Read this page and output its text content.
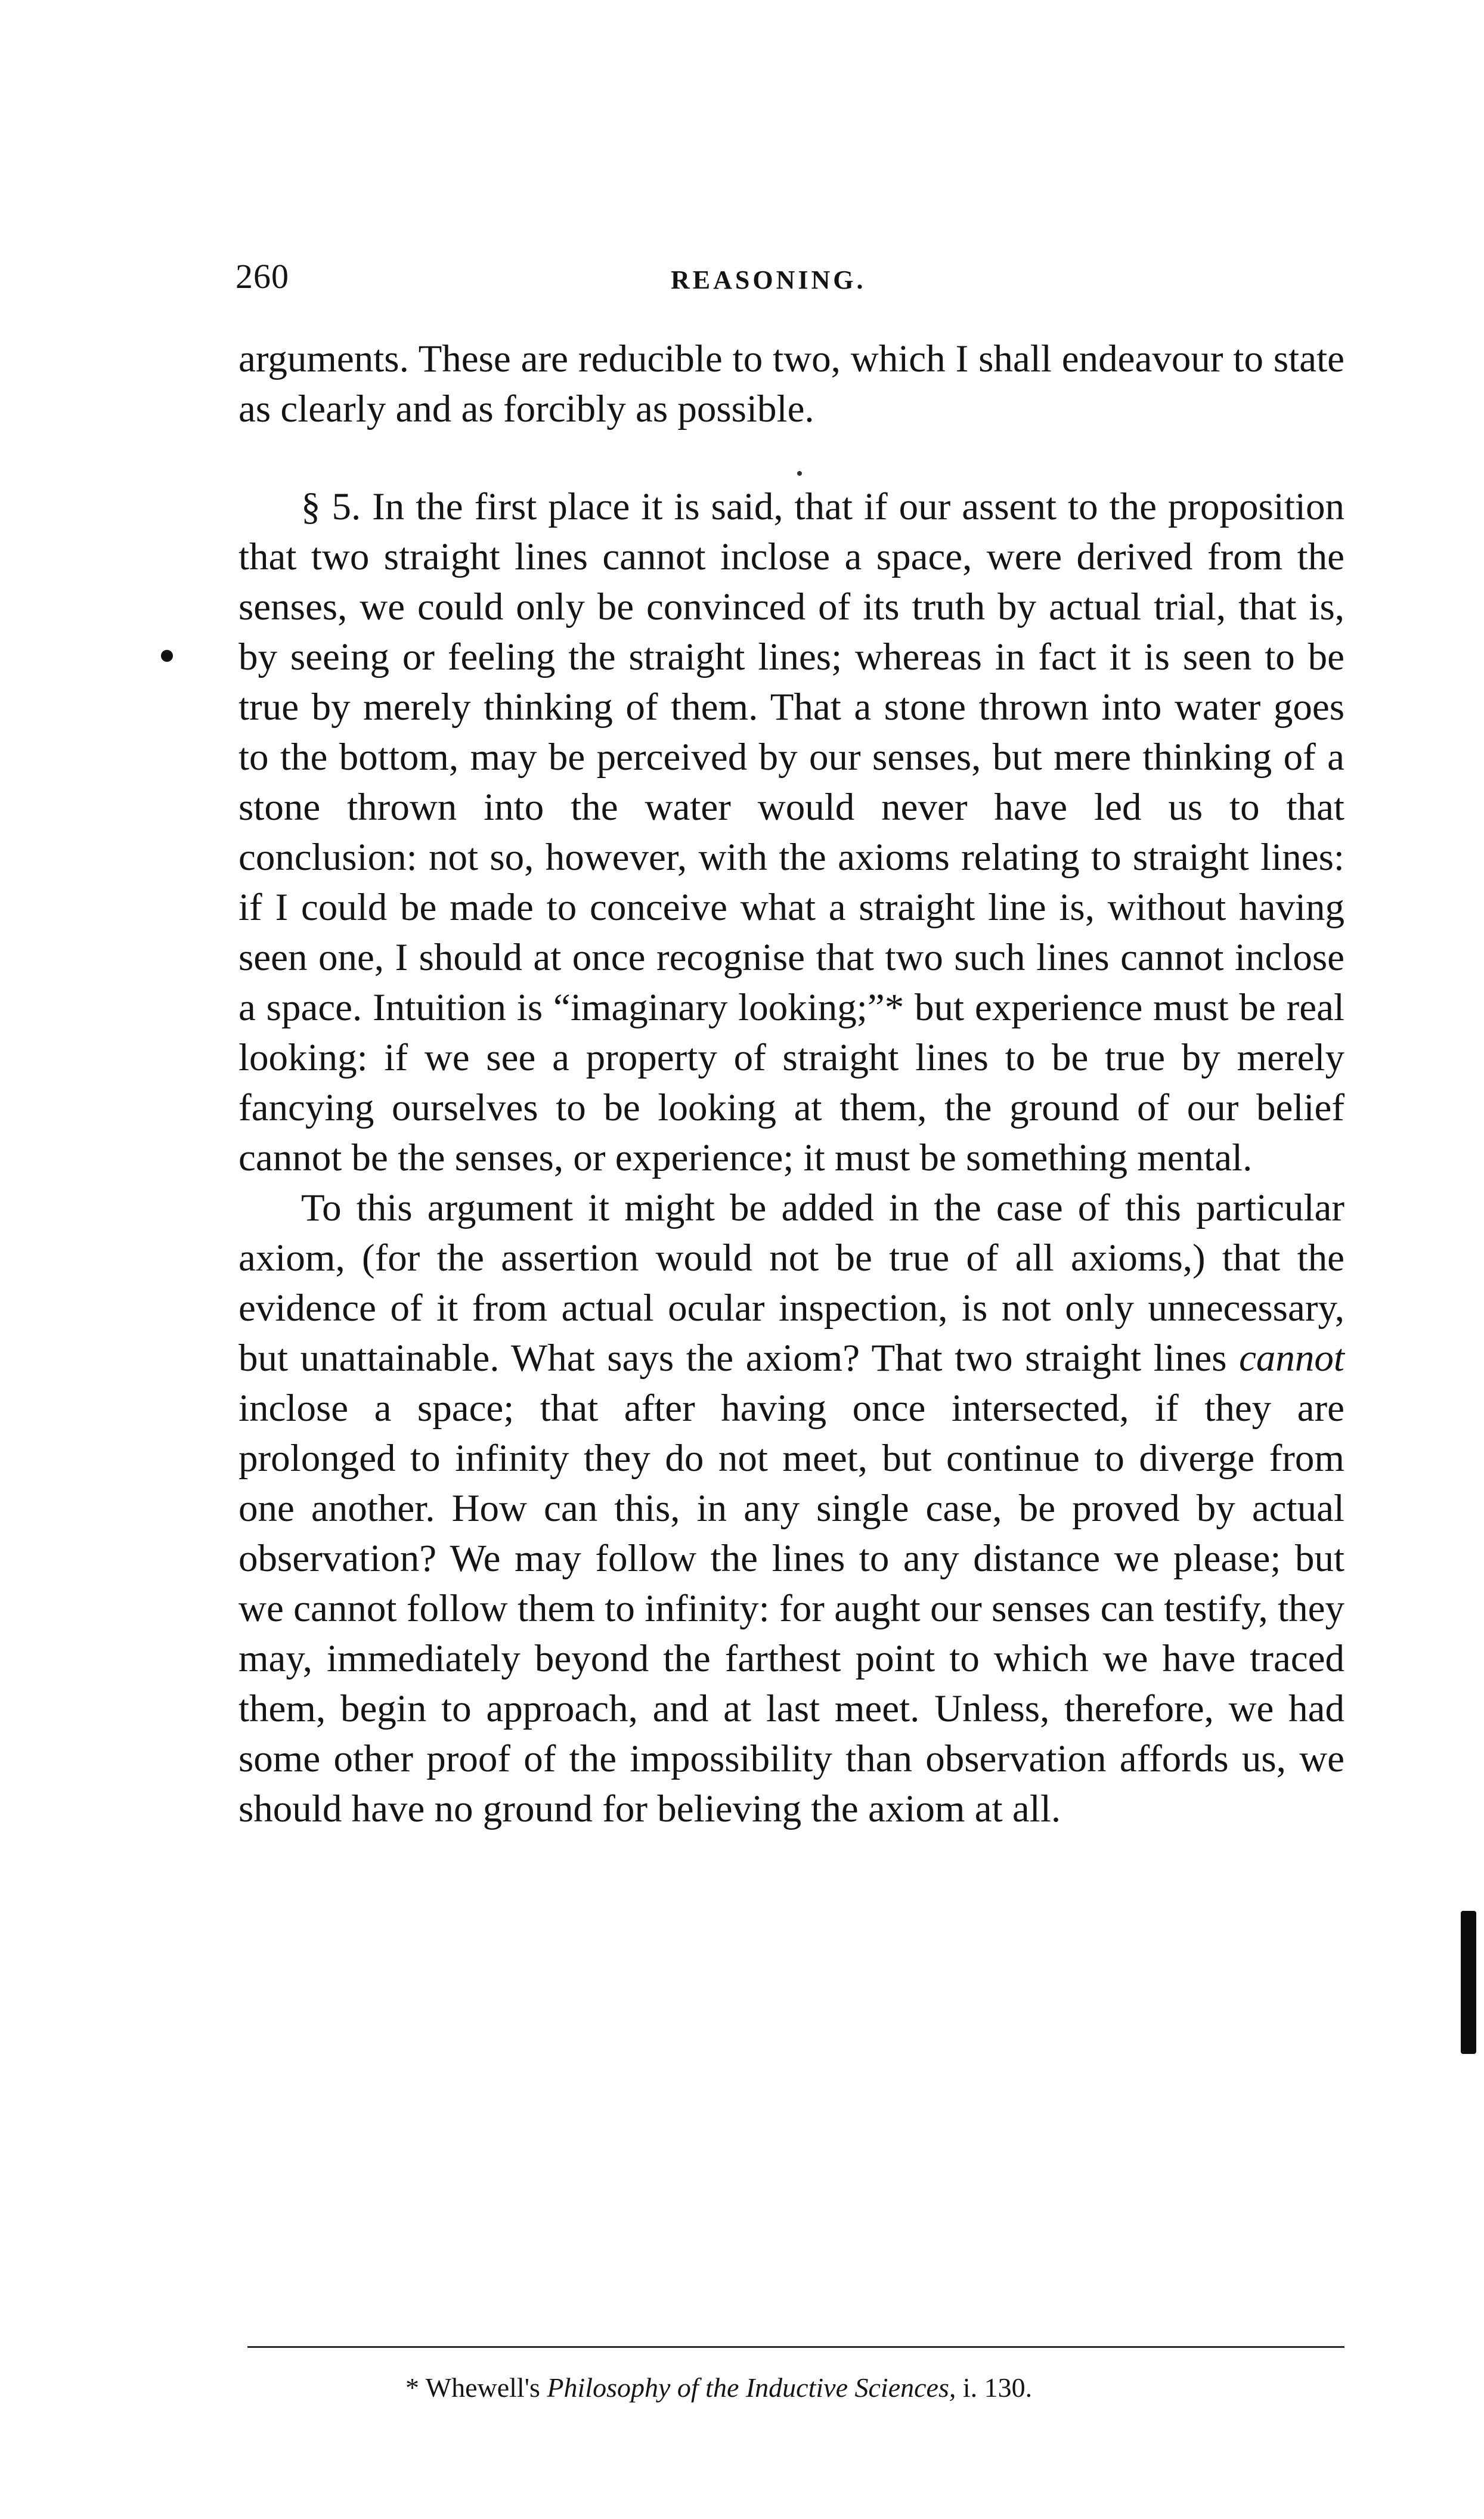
260	REASONING.

arguments. These are reducible to two, which I shall endeavour to state as clearly and as forcibly as possible.

§ 5. In the first place it is said, that if our assent to the proposition that two straight lines cannot inclose a space, were derived from the senses, we could only be convinced of its truth by actual trial, that is, by seeing or feeling the straight lines; whereas in fact it is seen to be true by merely thinking of them. That a stone thrown into water goes to the bottom, may be perceived by our senses, but mere thinking of a stone thrown into the water would never have led us to that conclusion: not so, however, with the axioms relating to straight lines: if I could be made to conceive what a straight line is, without having seen one, I should at once recognise that two such lines cannot inclose a space. Intuition is “imaginary looking;”* but experience must be real looking: if we see a property of straight lines to be true by merely fancying ourselves to be looking at them, the ground of our belief cannot be the senses, or experience; it must be something mental.

To this argument it might be added in the case of this particular axiom, (for the assertion would not be true of all axioms,) that the evidence of it from actual ocular inspection, is not only unnecessary, but unattainable. What says the axiom? That two straight lines cannot inclose a space; that after having once intersected, if they are prolonged to infinity they do not meet, but continue to diverge from one another. How can this, in any single case, be proved by actual observation? We may follow the lines to any distance we please; but we cannot follow them to infinity: for aught our senses can testify, they may, immediately beyond the farthest point to which we have traced them, begin to approach, and at last meet. Unless, therefore, we had some other proof of the impossibility than observation affords us, we should have no ground for believing the axiom at all.

* Whewell's Philosophy of the Inductive Sciences, i. 130.
